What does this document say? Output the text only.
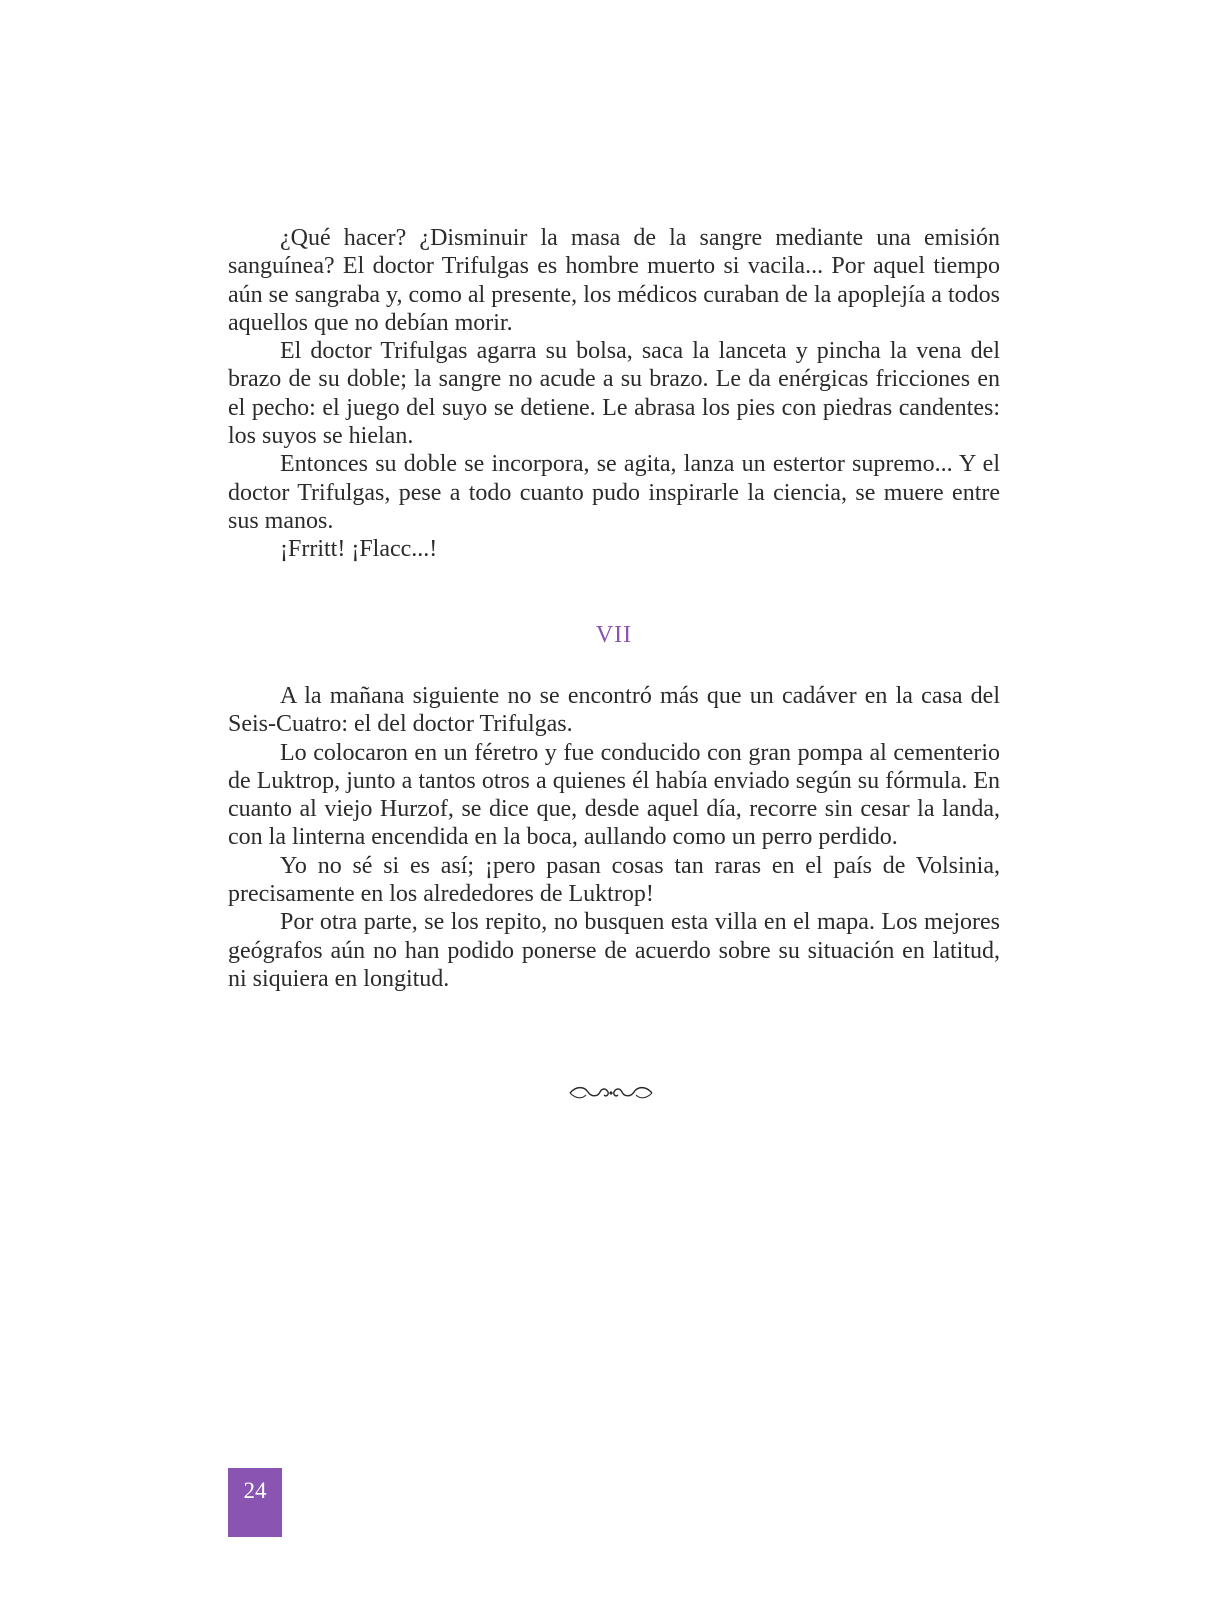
¿Qué hacer? ¿Disminuir la masa de la sangre mediante una emisión sanguínea? El doctor Trifulgas es hombre muerto si vacila... Por aquel tiempo aún se sangraba y, como al presente, los médicos curaban de la apoplejía a todos aquellos que no debían morir.

El doctor Trifulgas agarra su bolsa, saca la lanceta y pincha la vena del brazo de su doble; la sangre no acude a su brazo. Le da enérgicas fricciones en el pecho: el juego del suyo se detiene. Le abrasa los pies con piedras candentes: los suyos se hielan.

Entonces su doble se incorpora, se agita, lanza un estertor supremo... Y el doctor Trifulgas, pese a todo cuanto pudo inspirarle la ciencia, se muere entre sus manos.

¡Frritt! ¡Flacc...!

VII

A la mañana siguiente no se encontró más que un cadáver en la casa del Seis-Cuatro: el del doctor Trifulgas.

Lo colocaron en un féretro y fue conducido con gran pompa al cementerio de Luktrop, junto a tantos otros a quienes él había enviado según su fórmula. En cuanto al viejo Hurzof, se dice que, desde aquel día, recorre sin cesar la landa, con la linterna encendida en la boca, aullando como un perro perdido.

Yo no sé si es así; ¡pero pasan cosas tan raras en el país de Volsinia, precisamente en los alrededores de Luktrop!

Por otra parte, se los repito, no busquen esta villa en el mapa. Los mejores geógrafos aún no han podido ponerse de acuerdo sobre su situación en latitud, ni siquiera en longitud.

24
